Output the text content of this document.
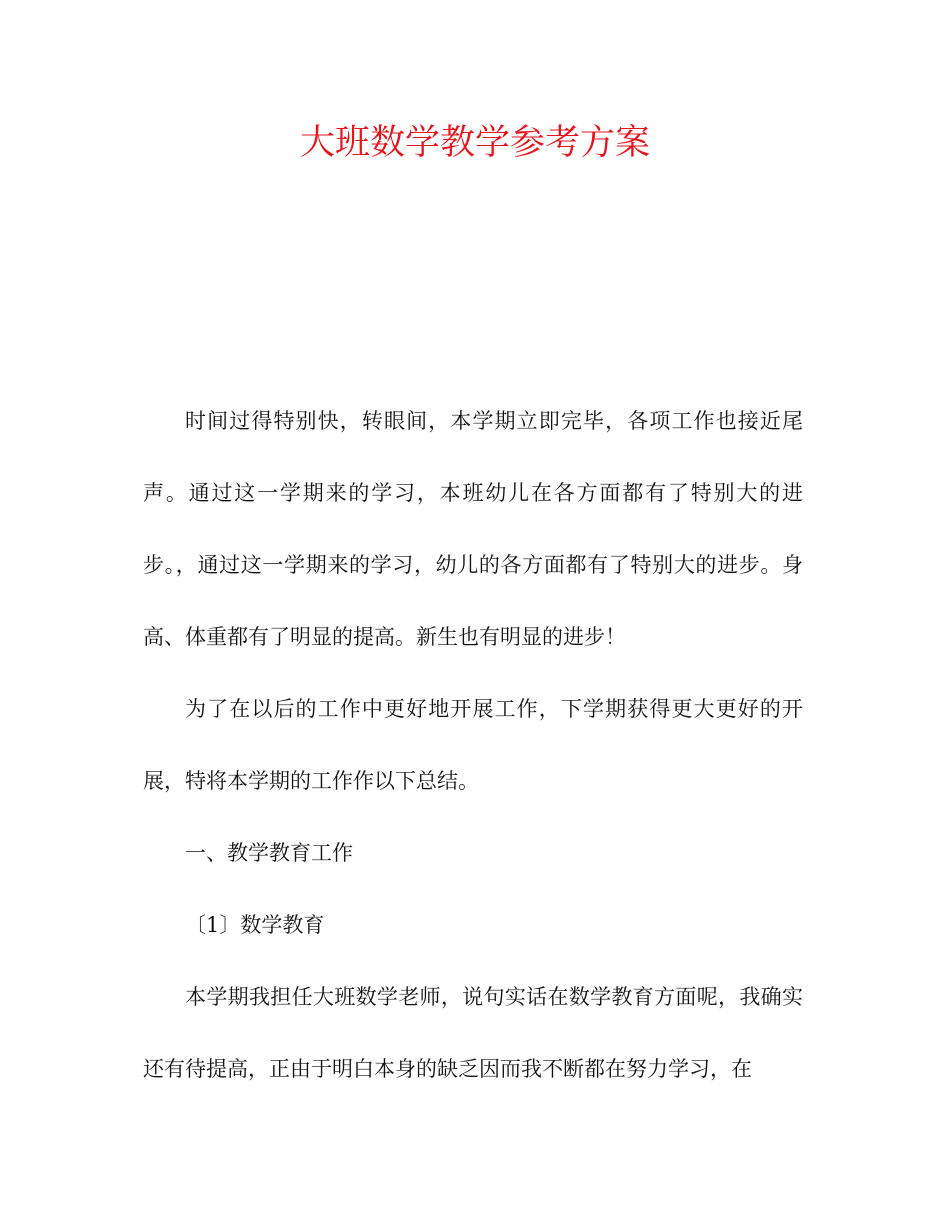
大班数学教学参考方案

时间过得特别快，转眼间，本学期立即完毕，各项工作也接近尾声。通过这一学期来的学习，本班幼儿在各方面都有了特别大的进步。，通过这一学期来的学习，幼儿的各方面都有了特别大的进步。身高、体重都有了明显的提高。新生也有明显的进步！

为了在以后的工作中更好地开展工作，下学期获得更大更好的开展，特将本学期的工作作以下总结。

一、教学教育工作

〔1〕数学教育

本学期我担任大班数学老师，说句实话在数学教育方面呢，我确实还有待提高，正由于明白本身的缺乏因而我不断都在努力学习，在
